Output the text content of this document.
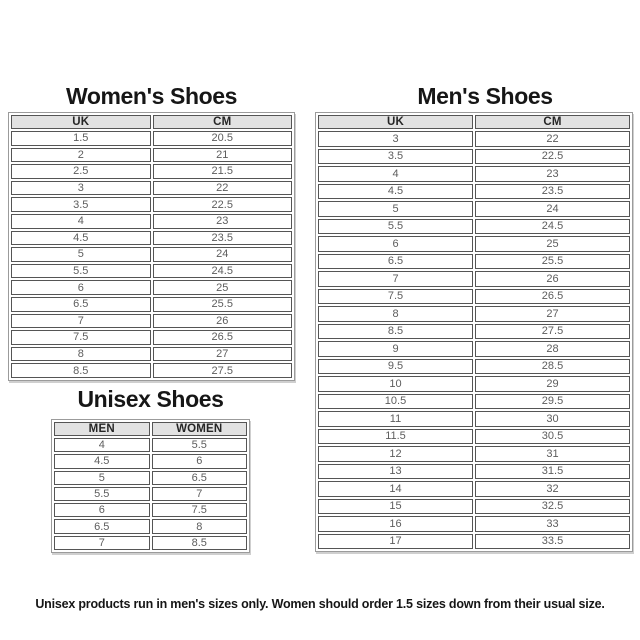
Women's Shoes
UK	CM
1.5	20.5
2	21
2.5	21.5
3	22
3.5	22.5
4	23
4.5	23.5
5	24
5.5	24.5
6	25
6.5	25.5
7	26
7.5	26.5
8	27
8.5	27.5
Men's Shoes
UK	CM
3	22
3.5	22.5
4	23
4.5	23.5
5	24
5.5	24.5
6	25
6.5	25.5
7	26
7.5	26.5
8	27
8.5	27.5
9	28
9.5	28.5
10	29
10.5	29.5
11	30
11.5	30.5
12	31
13	31.5
14	32
15	32.5
16	33
17	33.5
Unisex Shoes
MEN	WOMEN
4	5.5
4.5	6
5	6.5
5.5	7
6	7.5
6.5	8
7	8.5
Unisex products run in men's sizes only. Women should order 1.5 sizes down from their usual size.
